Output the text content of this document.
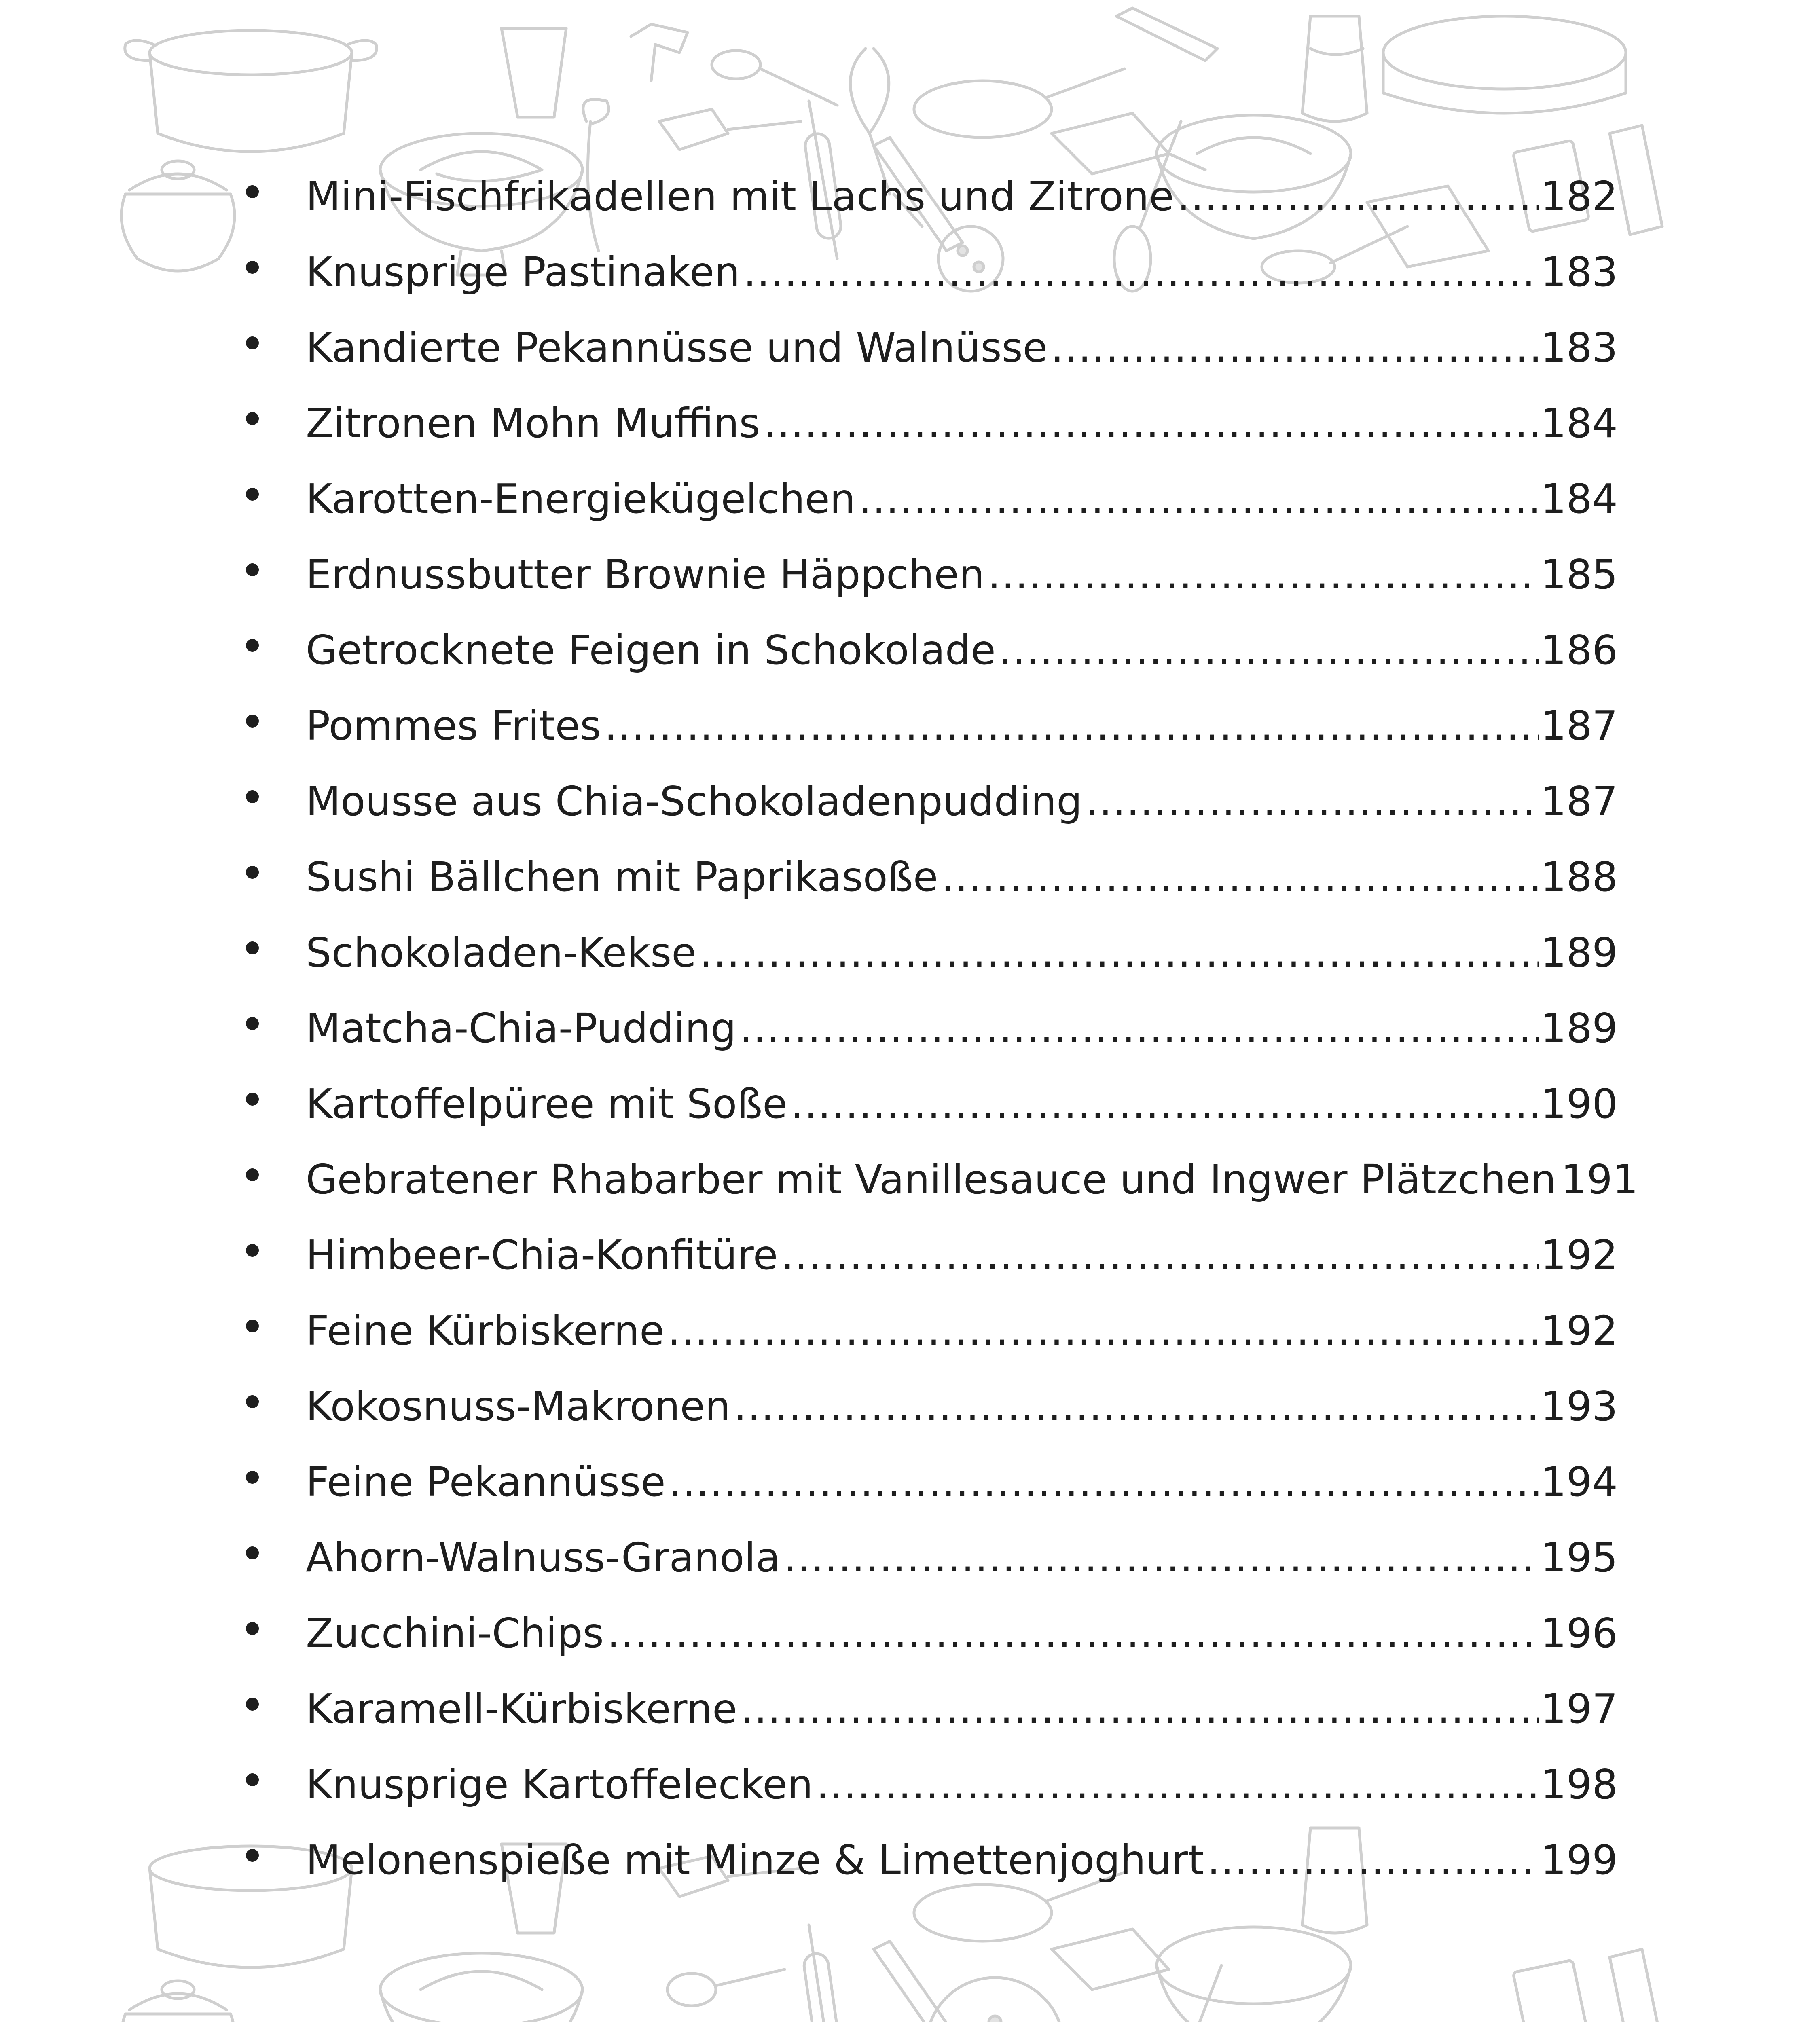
Mini-Fischfrikadellen mit Lachs und Zitrone .....	182
Knusprige Pastinaken .....	183
Kandierte Pekannüsse und Walnüsse .....	183
Zitronen Mohn Muffins .....	184
Karotten-Energiekügelchen .....	184
Erdnussbutter Brownie Häppchen .....	185
Getrocknete Feigen in Schokolade .....	186
Pommes Frites .....	187
Mousse aus Chia-Schokoladenpudding .....	187
Sushi Bällchen mit Paprikasoße .....	188
Schokoladen-Kekse .....	189
Matcha-Chia-Pudding .....	189
Kartoffelpüree mit Soße .....	190
Gebratener Rhabarber mit Vanillesauce und Ingwer Plätzchen 191
Himbeer-Chia-Konfitüre .....	192
Feine Kürbiskerne .....	192
Kokosnuss-Makronen .....	193
Feine Pekannüsse .....	194
Ahorn-Walnuss-Granola .....	195
Zucchini-Chips .....	196
Karamell-Kürbiskerne .....	197
Knusprige Kartoffelecken .....	198
Melonenspieße mit Minze & Limettenjoghurt .....	199
